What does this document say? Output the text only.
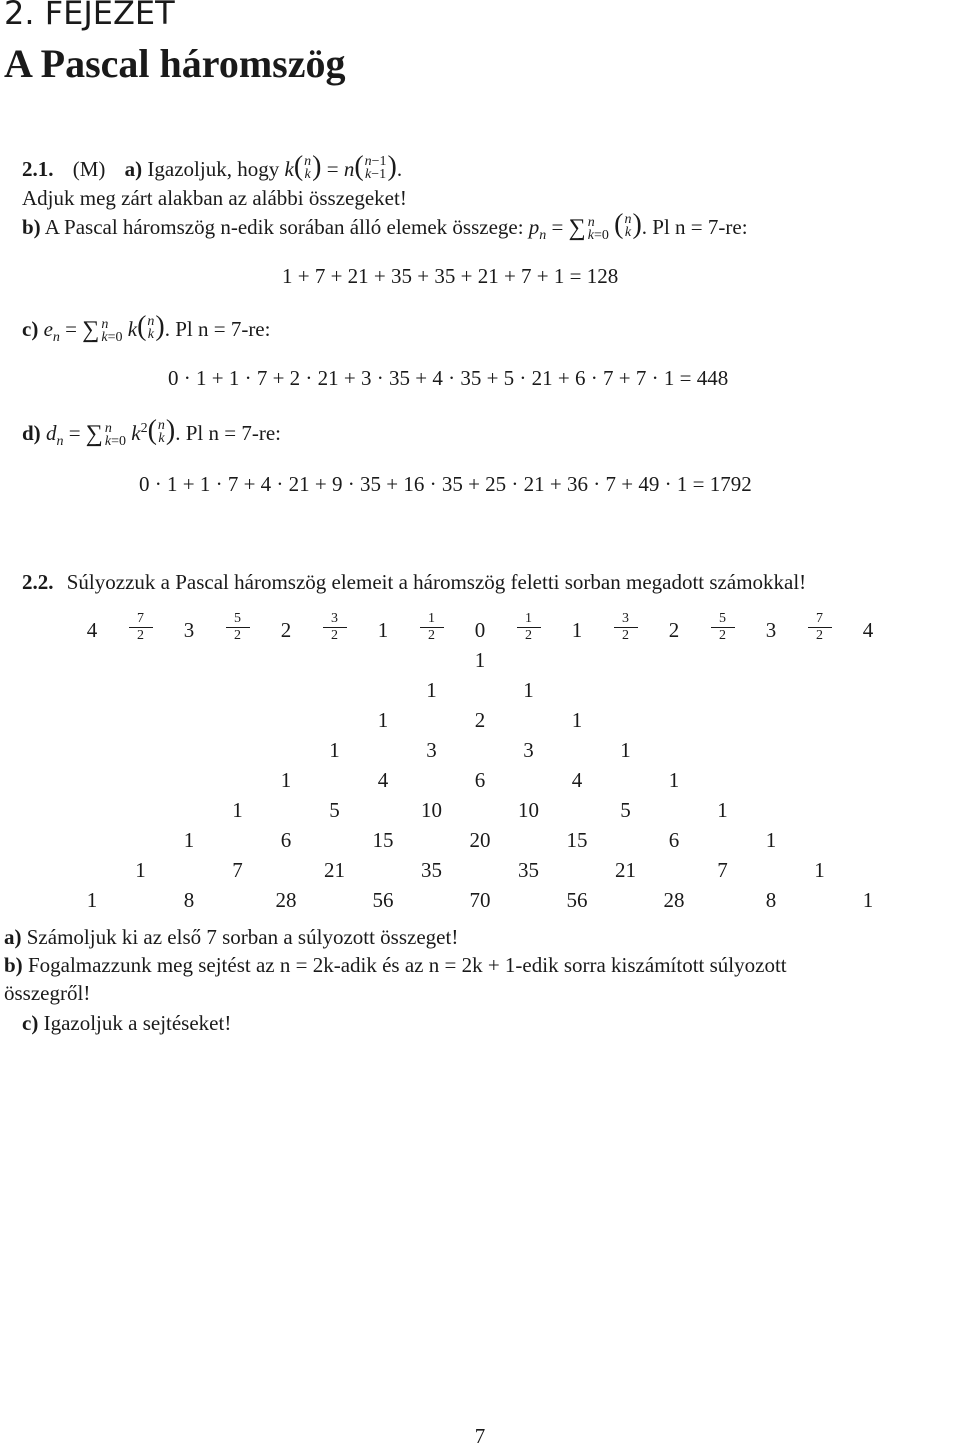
2. FEJEZET
A Pascal háromszög
2.1. (M) a) Igazoljuk, hogy k ( n
k ) = n ( n−1
k−1 ) .
Adjuk meg zárt alakban az alábbi összegeket!
b) A Pascal háromszög n-edik sorában álló elemek összege: $p_n$ = ∑ n
k=0
( n
k ) . Pl n = 7-re:
1 + 7 + 21 + 35 + 35 + 21 + 7 + 1 = 128
c) $e_n$ = ∑ n
k=0 k ( n
k ) . Pl n = 7-re:
0 · 1 + 1 · 7 + 2 · 21 + 3 · 35 + 4 · 35 + 5 · 21 + 6 · 7 + 7 · 1 = 448
d) $d_n$ = ∑ n
k=0 $k^2$ ( n
k ) . Pl n = 7-re:
0 · 1 + 1 · 7 + 4 · 21 + 9 · 35 + 16 · 35 + 25 · 21 + 36 · 7 + 49 · 1 = 1792
2.2. Súlyozzuk a Pascal háromszög elemeit a háromszög feletti sorban megadott számokkal!
4	$\frac{7}{2}$	3	$\frac{5}{2}$	2	$\frac{3}{2}$	1	$\frac{1}{2}$	0	$\frac{1}{2}$	1	$\frac{3}{2}$	2	$\frac{5}{2}$	3	$\frac{7}{2}$	4
1
1	1
1	2	1
1	3	3	1
1	4	6	4	1
1	5	10	10	5	1
1	6	15	20	15	6	1
1	7	21	35	35	21	7	1
1	8	28	56	70	56	28	8	1
a) Számoljuk ki az első 7 sorban a súlyozott összeget!
b) Fogalmazzunk meg sejtést az n = 2k-adik és az n = 2k + 1-edik sorra kiszámított súlyozott
összegről!
c) Igazoljuk a sejtéseket!
7
